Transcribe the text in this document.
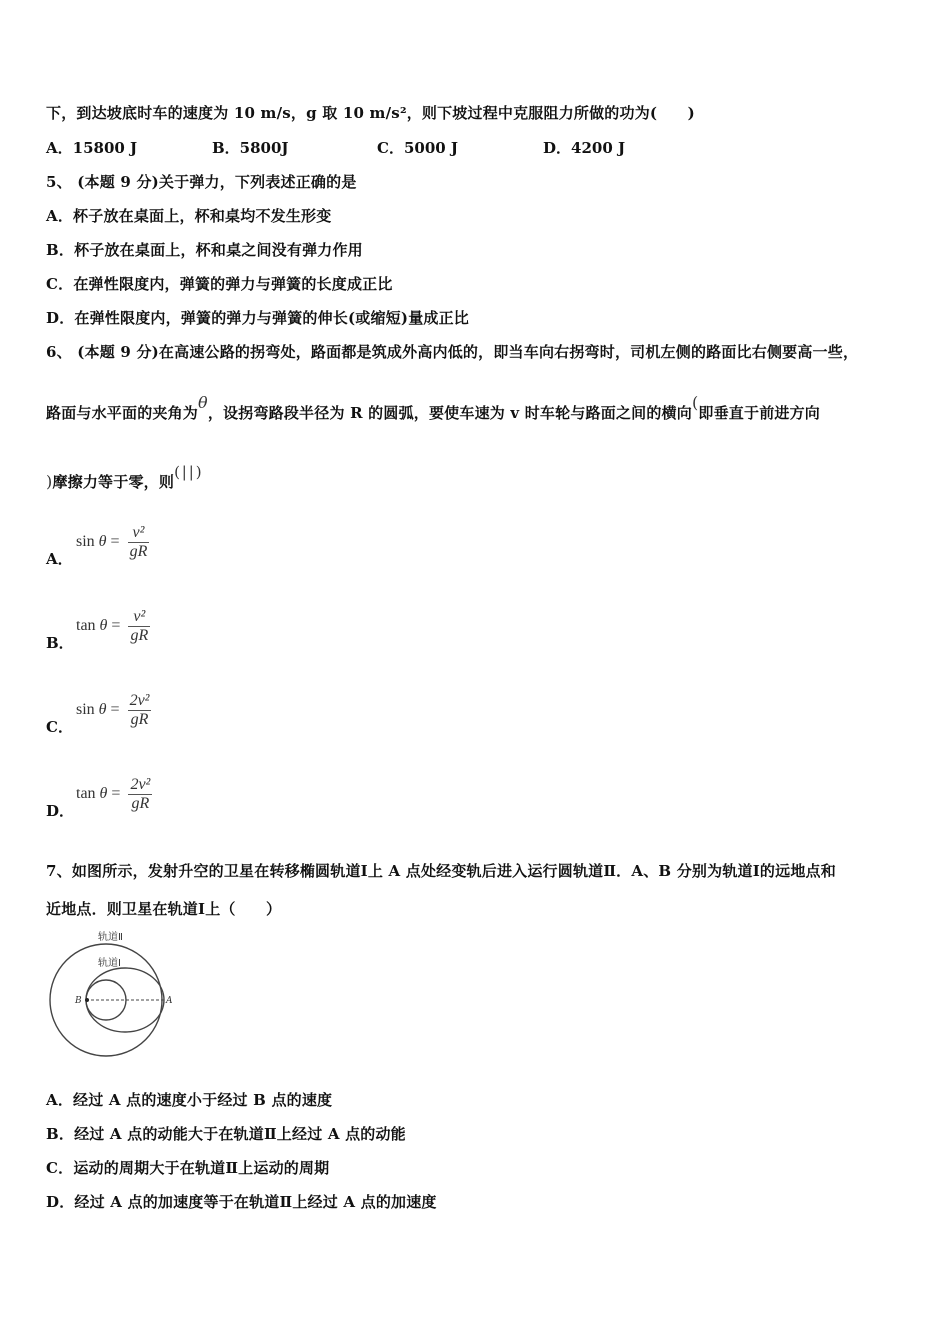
下，到达坡底时车的速度为 10 m/s，g 取 10 m/s²，则下坡过程中克服阻力所做的功为(　　)
A．15800 J	B．5800J	C．5000 J	D．4200 J
5、 (本题 9 分)关于弹力，下列表述正确的是
A．杯子放在桌面上，杯和桌均不发生形变
B．杯子放在桌面上，杯和桌之间没有弹力作用
C．在弹性限度内，弹簧的弹力与弹簧的长度成正比
D．在弹性限度内，弹簧的弹力与弹簧的伸长(或缩短)量成正比
6、 (本题 9 分)在高速公路的拐弯处，路面都是筑成外高内低的，即当车向右拐弯时，司机左侧的路面比右侧要高一些，
路面与水平面的夹角为θ，设拐弯路段半径为 R 的圆弧，要使车速为 v 时车轮与路面之间的横向(即垂直于前进方向
)摩擦力等于零，则( | | )
A．
$\sin \theta = \frac{\text{v²}}{gR}$
B．
$\tan \theta = \frac{\text{v²}}{gR}$
C．
$\sin \theta = \frac{\text{2v²}}{gR}$
D．
$\tan \theta = \frac{\text{2v²}}{gR}$
7、如图所示，发射升空的卫星在转移椭圆轨道Ⅰ上 A 点处经变轨后进入运行圆轨道Ⅱ．A、B 分别为轨道Ⅰ的远地点和
近地点．则卫星在轨道Ⅰ上（　　）
轨道Ⅱ
轨道Ⅰ
B	A
A．经过 A 点的速度小于经过 B 点的速度
B．经过 A 点的动能大于在轨道Ⅱ上经过 A 点的动能
C．运动的周期大于在轨道Ⅱ上运动的周期
D．经过 A 点的加速度等于在轨道Ⅱ上经过 A 点的加速度
